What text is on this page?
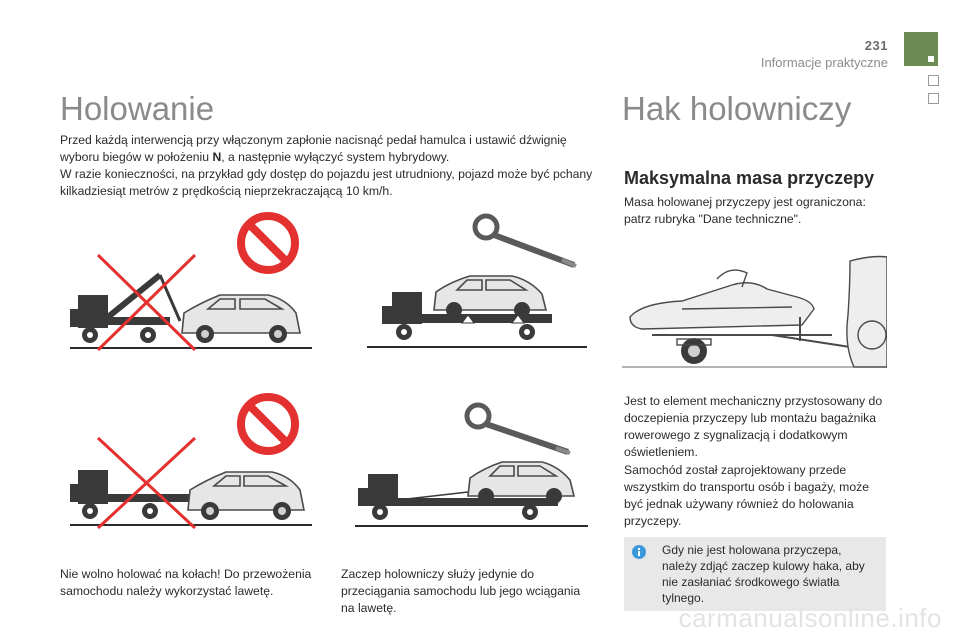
231
Informacje praktyczne
Holowanie

Przed każdą interwencją przy włączonym zapłonie nacisnąć pedał hamulca i ustawić dźwignię wyboru biegów w położeniu N, a następnie wyłączyć system hybrydowy.

W razie konieczności, na przykład gdy dostęp do pojazdu jest utrudniony, pojazd może być pchany kilkadziesiąt metrów z prędkością nieprzekraczającą 10 km/h.

Nie wolno holować na kołach! Do przewożenia samochodu należy wykorzystać lawetę.

Zaczep holowniczy służy jedynie do przeciągania samochodu lub jego wciągania na lawetę.

Hak holowniczy
Maksymalna masa przyczepy

Masa holowanej przyczepy jest ograniczona: patrz rubryka "Dane techniczne".

Jest to element mechaniczny przystosowany do doczepienia przyczepy lub montażu bagażnika rowerowego z sygnalizacją i dodatkowym oświetleniem.

Samochód został zaprojektowany przede wszystkim do transportu osób i bagaży, może być jednak używany również do holowania przyczepy.

Gdy nie jest holowana przyczepa, należy zdjąć zaczep kulowy haka, aby nie zasłaniać środkowego światła tylnego.

carmanualsonline.info
